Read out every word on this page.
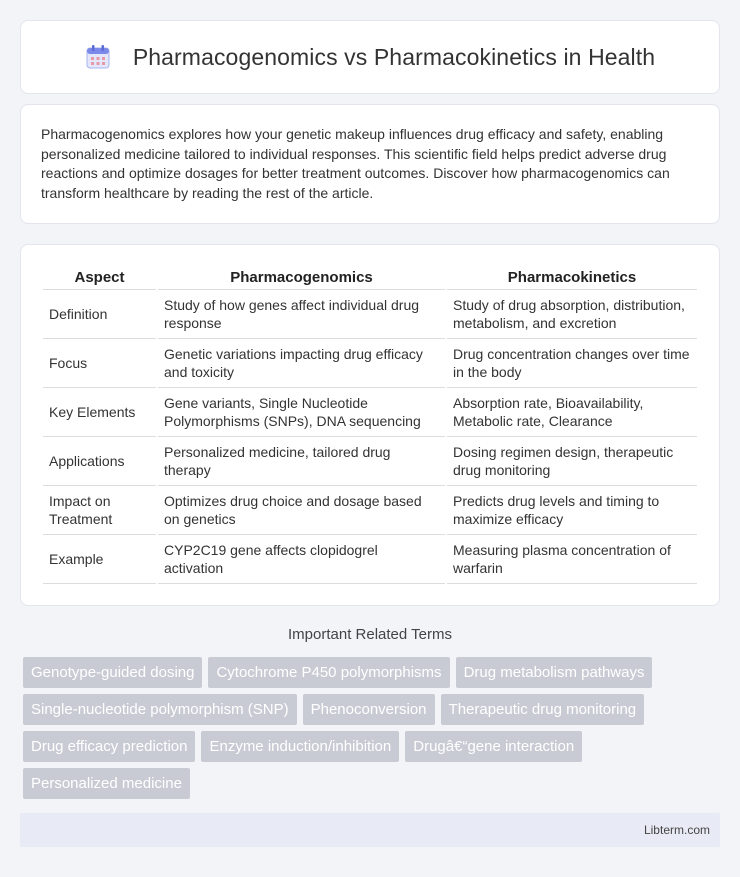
Pharmacogenomics vs Pharmacokinetics in Health

Pharmacogenomics explores how your genetic makeup influences drug efficacy and safety, enabling personalized medicine tailored to individual responses. This scientific field helps predict adverse drug reactions and optimize dosages for better treatment outcomes. Discover how pharmacogenomics can transform healthcare by reading the rest of the article.

Aspect	Pharmacogenomics	Pharmacokinetics
Definition	Study of how genes affect individual drug response	Study of drug absorption, distribution, metabolism, and excretion
Focus	Genetic variations impacting drug efficacy and toxicity	Drug concentration changes over time in the body
Key Elements	Gene variants, Single Nucleotide Polymorphisms (SNPs), DNA sequencing	Absorption rate, Bioavailability, Metabolic rate, Clearance
Applications	Personalized medicine, tailored drug therapy	Dosing regimen design, therapeutic drug monitoring
Impact on Treatment	Optimizes drug choice and dosage based on genetics	Predicts drug levels and timing to maximize efficacy
Example	CYP2C19 gene affects clopidogrel activation	Measuring plasma concentration of warfarin
Important Related Terms
Genotype-guided dosing	Cytochrome P450 polymorphisms	Drug metabolism pathways
Single-nucleotide polymorphism (SNP)	Phenoconversion	Therapeutic drug monitoring
Drug efficacy prediction	Enzyme induction/inhibition	Drugâ€“gene interaction
Personalized medicine
Libterm.com
